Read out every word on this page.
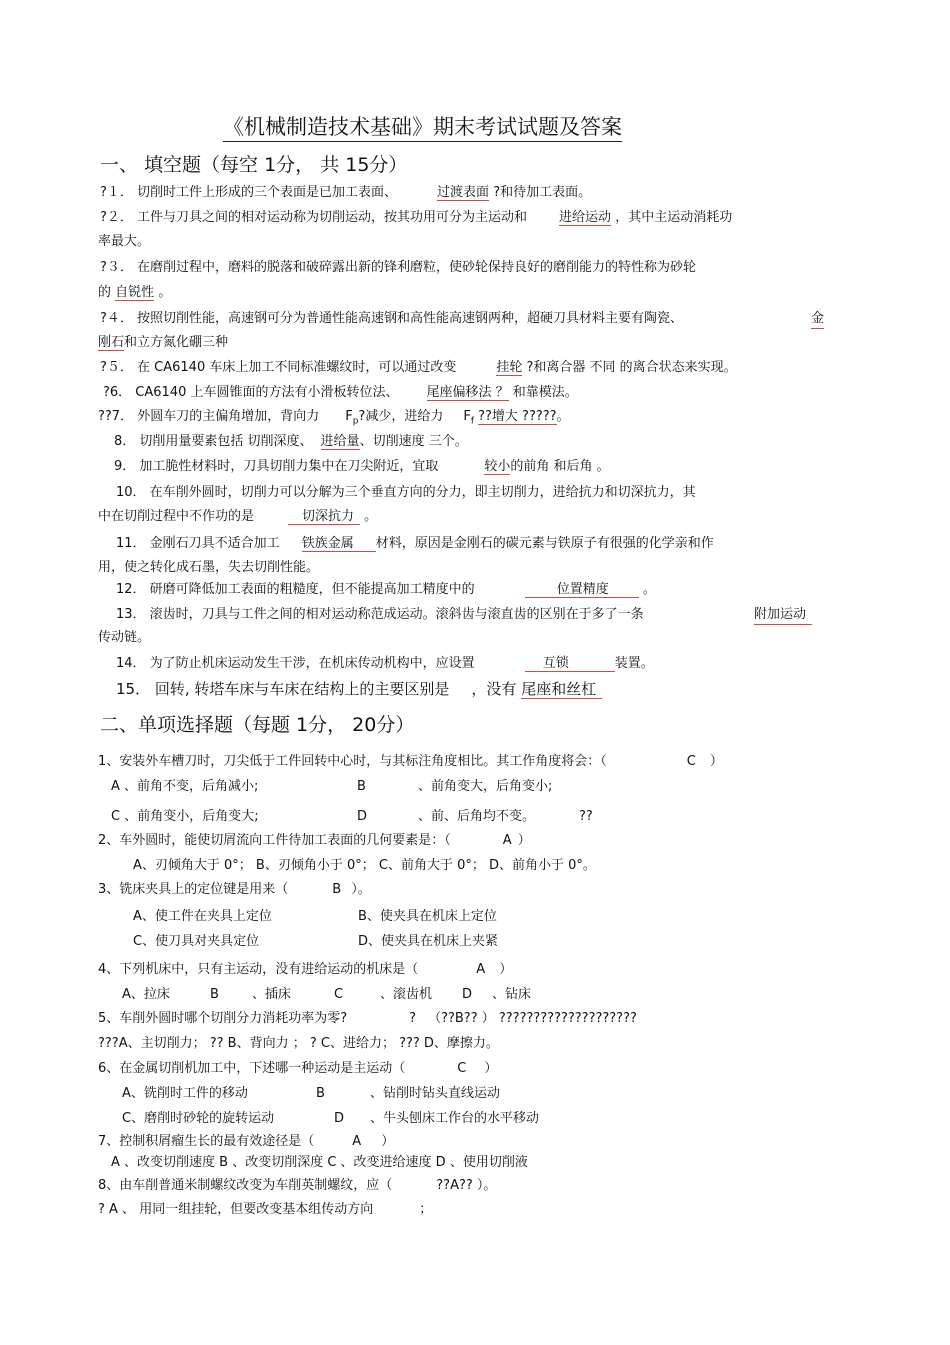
《机械制造技术基础》期末考试试题及答案
一、 填空题（每空 1分， 共 15分）
?１． 切削时工件上形成的三个表面是已加工表面、	过渡表面 ?和待加工表面。
?２． 工件与刀具之间的相对运动称为切削运动，按其功用可分为主运动和 进给运动 ，其中主运动消耗功
率最大。
?３． 在磨削过程中，磨料的脱落和破碎露出新的锋利磨粒，使砂轮保持良好的磨削能力的特性称为砂轮
的 自锐性 。
?４． 按照切削性能，高速钢可分为普通性能高速钢和高性能高速钢两种，超硬刀具材料主要有陶瓷、	金
刚石和立方氮化硼三种
?５． 在 CA6140 车床上加工不同标准螺纹时，可以通过改变	挂轮 ?和离合器 不同 的离合状态来实现。
?6． CA6140 上车圆锥面的方法有小滑板转位法、 尾座偏移法 ？ 和靠模法。
??7． 外圆车刀的主偏角增加，背向力 $F_p$?减少，进给力 $F_f$ ??增大 ?????。
8． 切削用量要素包括 切削深度、 进给量、切削速度 三个。
9． 加工脆性材料时，刀具切削力集中在刀尖附近，宜取	较小的前角 和后角 。
10． 在车削外圆时，切削力可以分解为三个垂直方向的分力，即主切削力，进给抗力和切深抗力，其
中在切削过程中不作功的是	切深抗力 。
11． 金刚石刀具不适合加工 铁族金属 材料，原因是金刚石的碳元素与铁原子有很强的化学亲和作
用，使之转化成石墨，失去切削性能。
12． 研磨可降低加工表面的粗糙度，但不能提高加工精度中的	位置精度	。
13． 滚齿时，刀具与工件之间的相对运动称范成运动。滚斜齿与滚直齿的区别在于多了一条	附加运动
传动链。
14． 为了防止机床运动发生干涉，在机床传动机构中，应设置	互锁	装置。
15． 回转, 转塔车床与车床在结构上的主要区别是 ，没有 尾座和丝杠
二、单项选择题（每题 1分， 20分）
1、安装外车槽刀时，刀尖低于工件回转中心时，与其标注角度相比。其工作角度将会：（	C ）
A 、前角不变，后角减小;	B	、前角变大，后角变小;
C 、前角变小，后角变大;	D	、前、后角均不变。	??
2、车外圆时，能使切屑流向工件待加工表面的几何要素是：（	A ）
A、刃倾角大于 0°； B、刃倾角小于 0°； C、前角大于 0°； D、前角小于 0°。
3、铣床夹具上的定位键是用来（	B ）。
A、使工件在夹具上定位	B、使夹具在机床上定位
C、使刀具对夹具定位	D、使夹具在机床上夹紧
4、下列机床中，只有主运动，没有进给运动的机床是（	A ）
A、拉床	B	、插床	C	、滚齿机 D 、钻床
5、车削外圆时哪个切削分力消耗功率为零?	? （??B?? ） ????????????????????
???A、主切削力； ?? B、背向力 ； ? C、进给力； ??? D、摩擦力。
6、在金属切削机加工中，下述哪一种运动是主运动（	C ）
A、铣削时工件的移动	B	、钻削时钻头直线运动
C、磨削时砂轮的旋转运动	D 、牛头刨床工作台的水平移动
7、控制积屑瘤生长的最有效途径是（	A ）
A 、改变切削速度 B 、改变切削深度 C 、改变进给速度 D 、使用切削液
8、由车削普通米制螺纹改变为车削英制螺纹，应（	??A?? ）。
? A 、 用同一组挂轮，但要改变基本组传动方向	；
